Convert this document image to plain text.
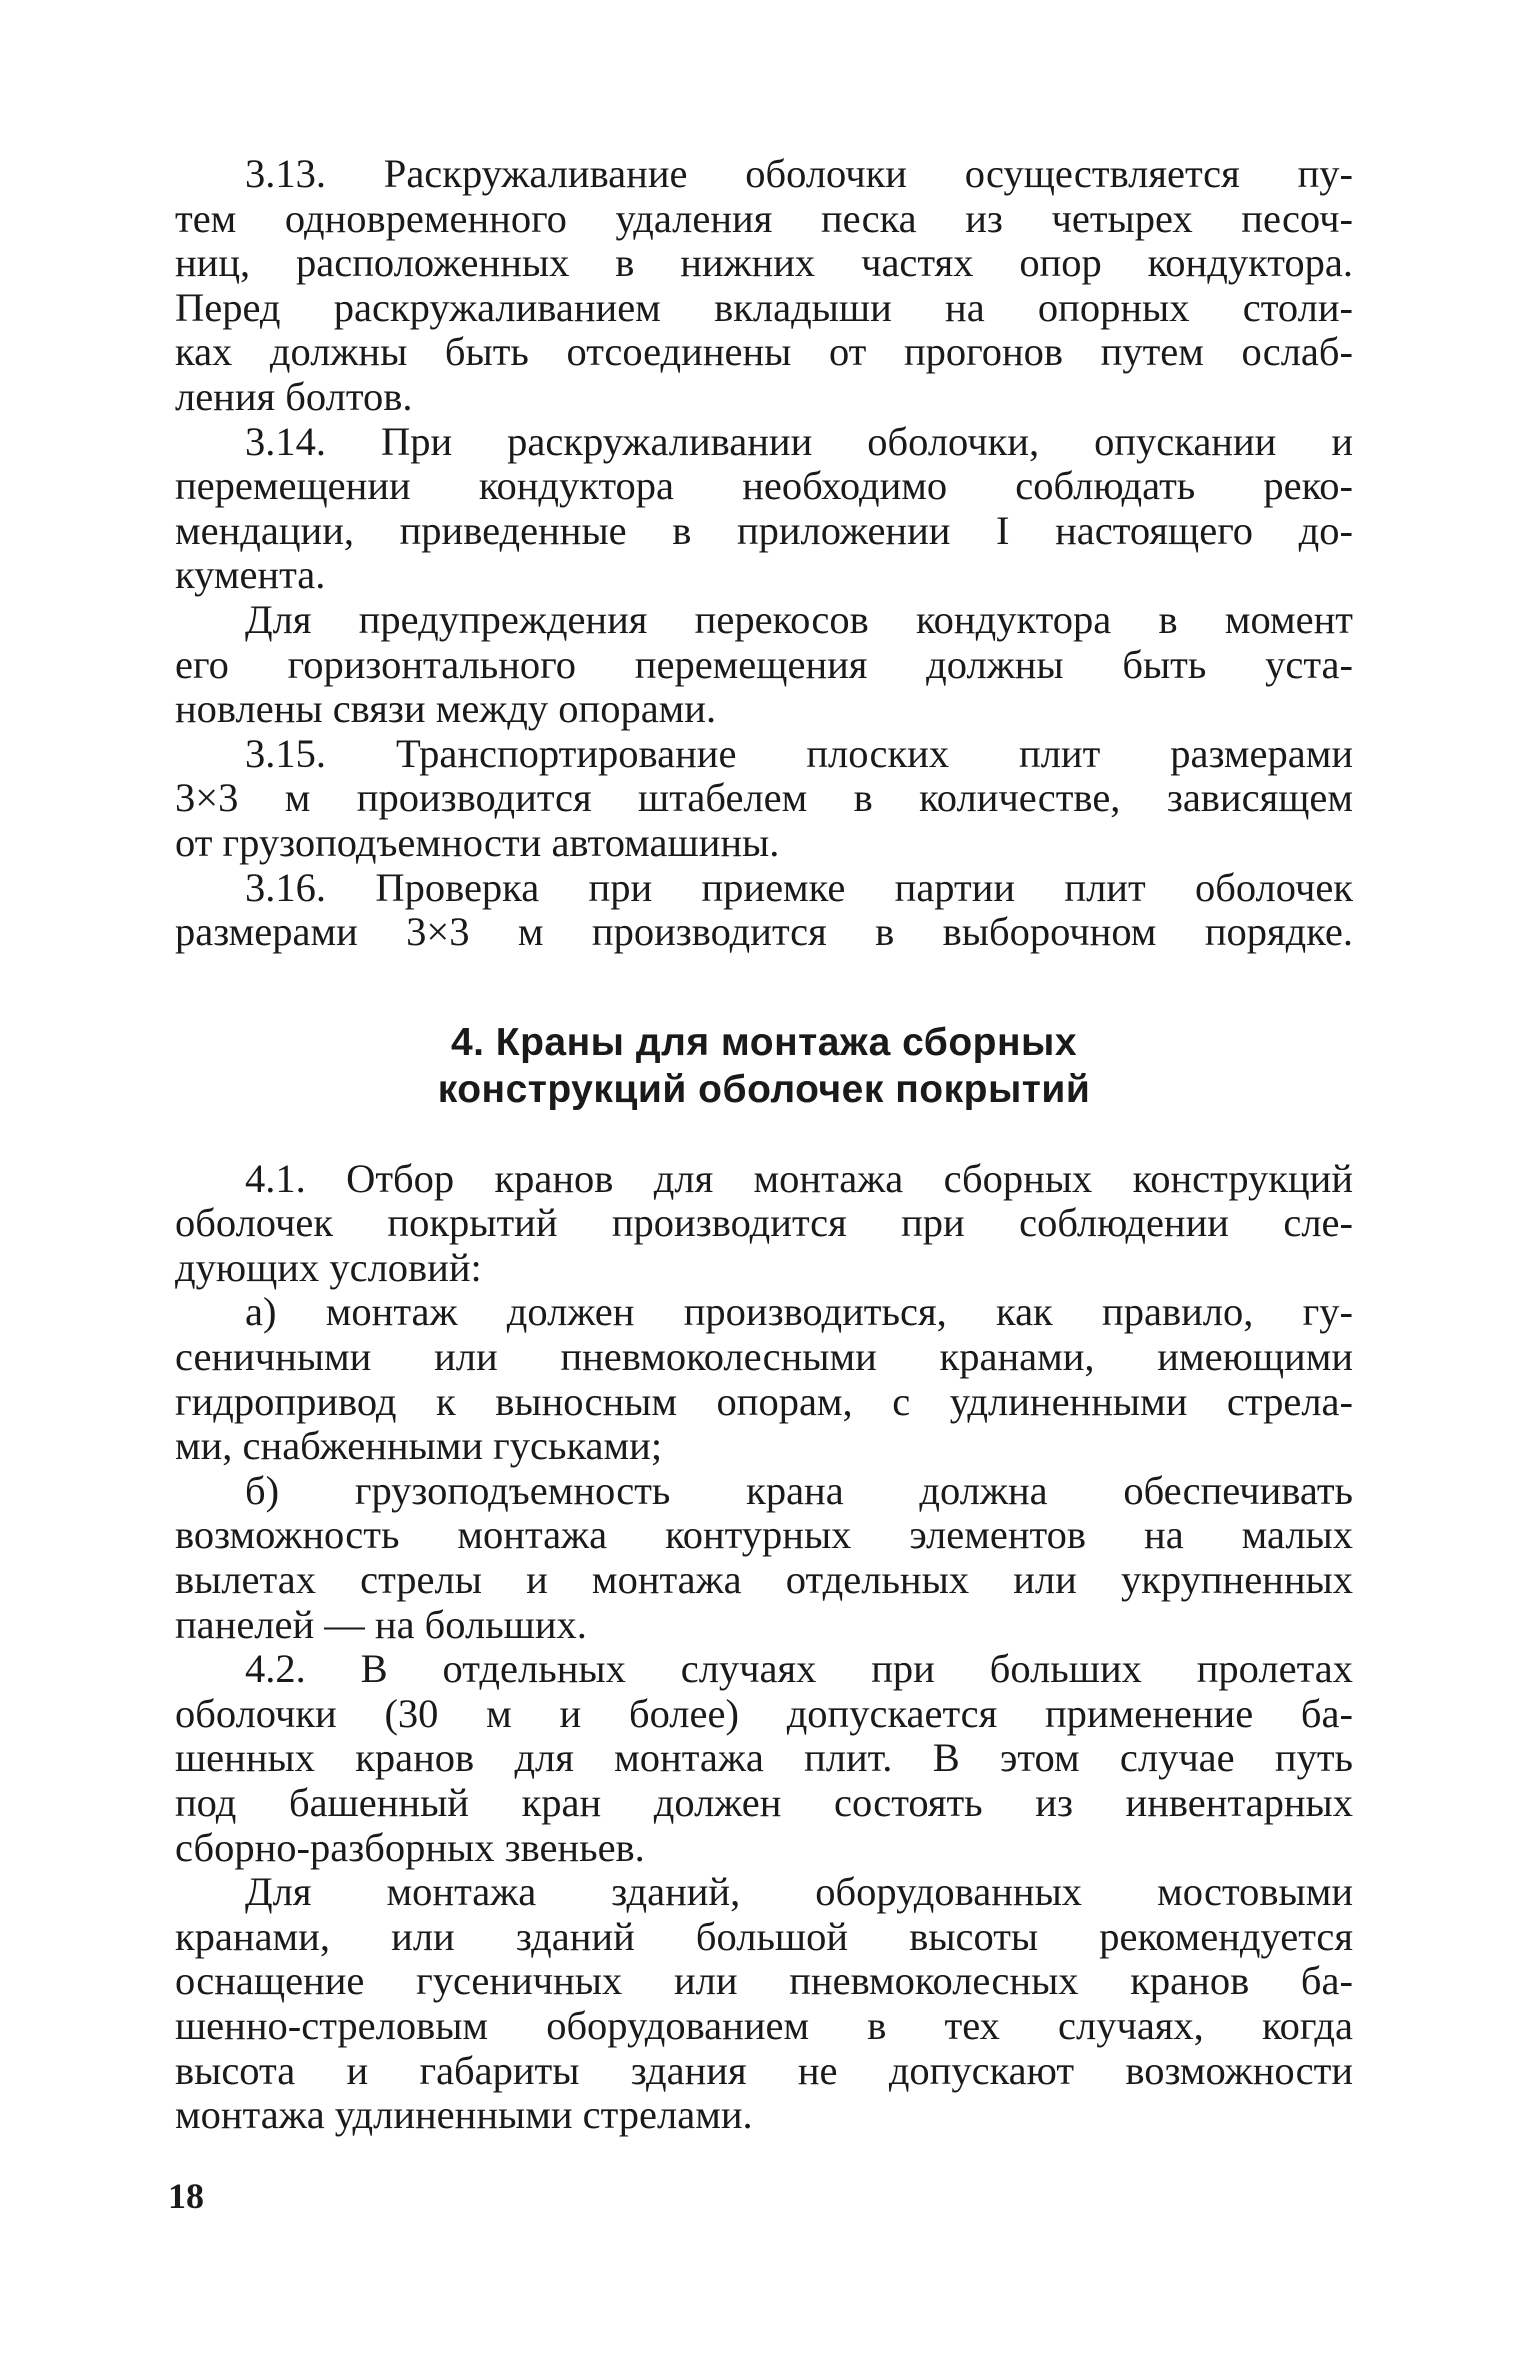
3.13. Раскружаливание оболочки осуществляется пу-
тем одновременного удаления песка из четырех песоч-
ниц, расположенных в нижних частях опор кондуктора.
Перед раскружаливанием вкладыши на опорных столи-
ках должны быть отсоединены от прогонов путем ослаб-
ления болтов.
3.14. При раскружаливании оболочки, опускании и
перемещении кондуктора необходимо соблюдать реко-
мендации, приведенные в приложении I настоящего до-
кумента.
Для предупреждения перекосов кондуктора в момент
его горизонтального перемещения должны быть уста-
новлены связи между опорами.
3.15. Транспортирование плоских плит размерами
3×3 м производится штабелем в количестве, зависящем
от грузоподъемности автомашины.
3.16. Проверка при приемке партии плит оболочек
размерами 3×3 м производится в выборочном порядке.
4. Краны для монтажа сборных
конструкций оболочек покрытий
4.1. Отбор кранов для монтажа сборных конструкций
оболочек покрытий производится при соблюдении сле-
дующих условий:
а) монтаж должен производиться, как правило, гу-
сеничными или пневмоколесными кранами, имеющими
гидропривод к выносным опорам, с удлиненными стрела-
ми, снабженными гуськами;
б) грузоподъемность крана должна обеспечивать
возможность монтажа контурных элементов на малых
вылетах стрелы и монтажа отдельных или укрупненных
панелей — на больших.
4.2. В отдельных случаях при больших пролетах
оболочки (30 м и более) допускается применение ба-
шенных кранов для монтажа плит. В этом случае путь
под башенный кран должен состоять из инвентарных
сборно-разборных звеньев.
Для монтажа зданий, оборудованных мостовыми
кранами, или зданий большой высоты рекомендуется
оснащение гусеничных или пневмоколесных кранов ба-
шенно-стреловым оборудованием в тех случаях, когда
высота и габариты здания не допускают возможности
монтажа удлиненными стрелами.
18
